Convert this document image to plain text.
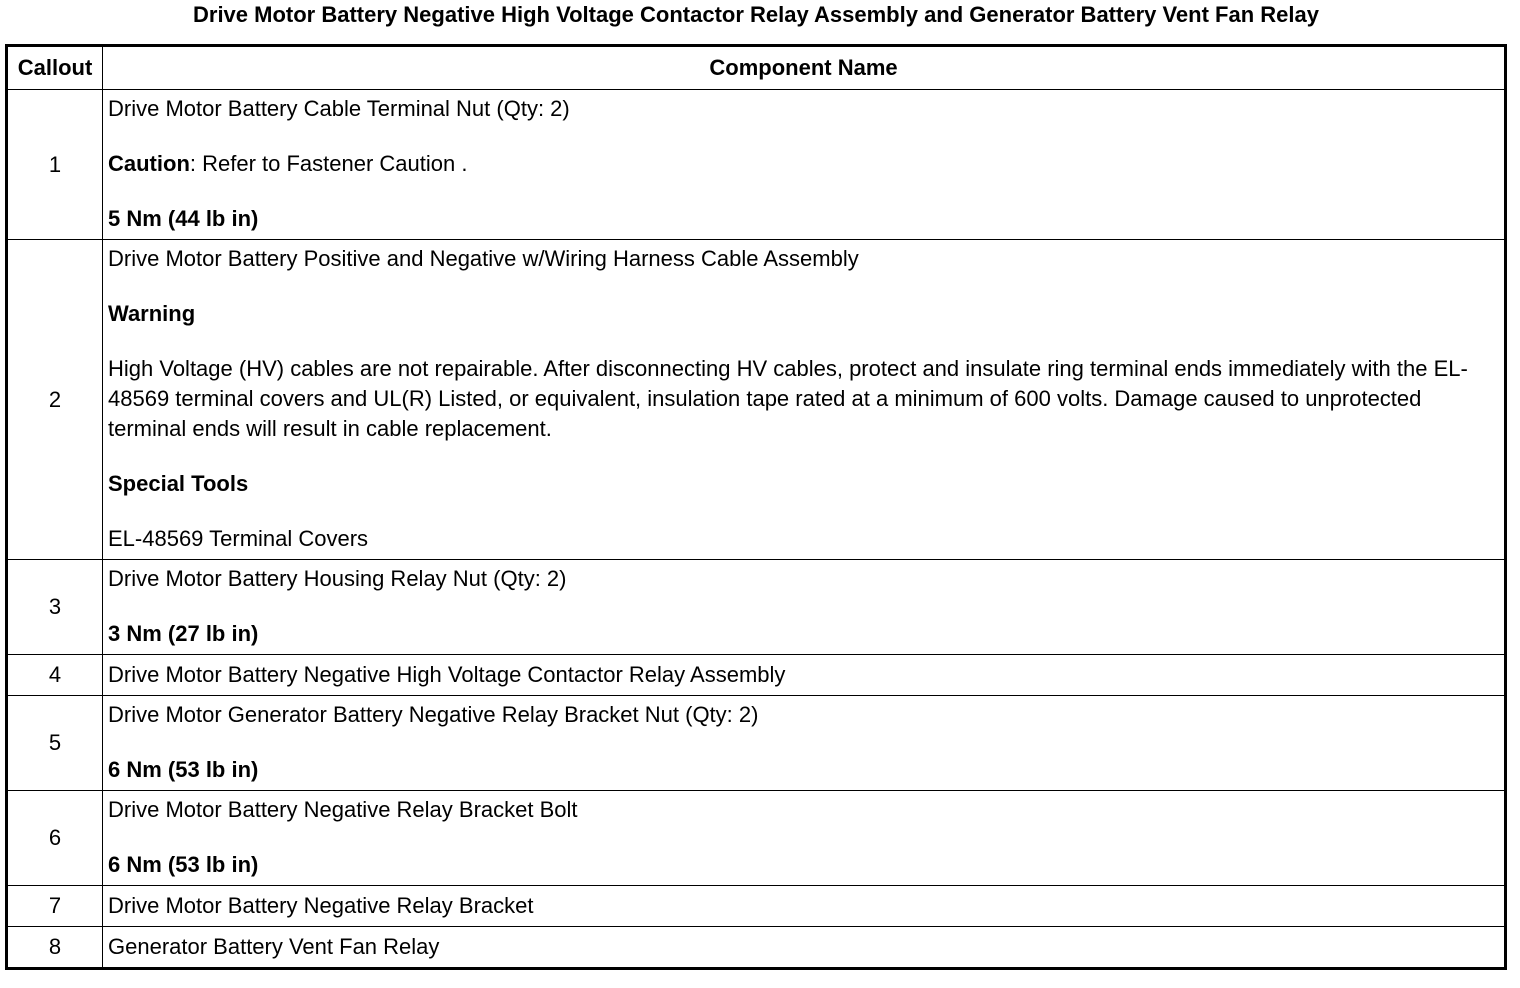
Drive Motor Battery Negative High Voltage Contactor Relay Assembly and Generator Battery Vent Fan Relay
Callout	Component Name
1	Drive Motor Battery Cable Terminal Nut (Qty: 2)
Caution: Refer to Fastener Caution .
5 Nm (44 lb in)

2	Drive Motor Battery Positive and Negative w/Wiring Harness Cable Assembly
Warning
High Voltage (HV) cables are not repairable. After disconnecting HV cables, protect and insulate ring terminal ends immediately with the EL-48569 terminal covers and UL(R) Listed, or equivalent, insulation tape rated at a minimum of 600 volts. Damage caused to unprotected terminal ends will result in cable replacement.
Special Tools
EL-48569 Terminal Covers

3	Drive Motor Battery Housing Relay Nut (Qty: 2)
3 Nm (27 lb in)

4	Drive Motor Battery Negative High Voltage Contactor Relay Assembly

5	Drive Motor Generator Battery Negative Relay Bracket Nut (Qty: 2)
6 Nm (53 lb in)

6	Drive Motor Battery Negative Relay Bracket Bolt
6 Nm (53 lb in)

7	Drive Motor Battery Negative Relay Bracket

8	Generator Battery Vent Fan Relay
